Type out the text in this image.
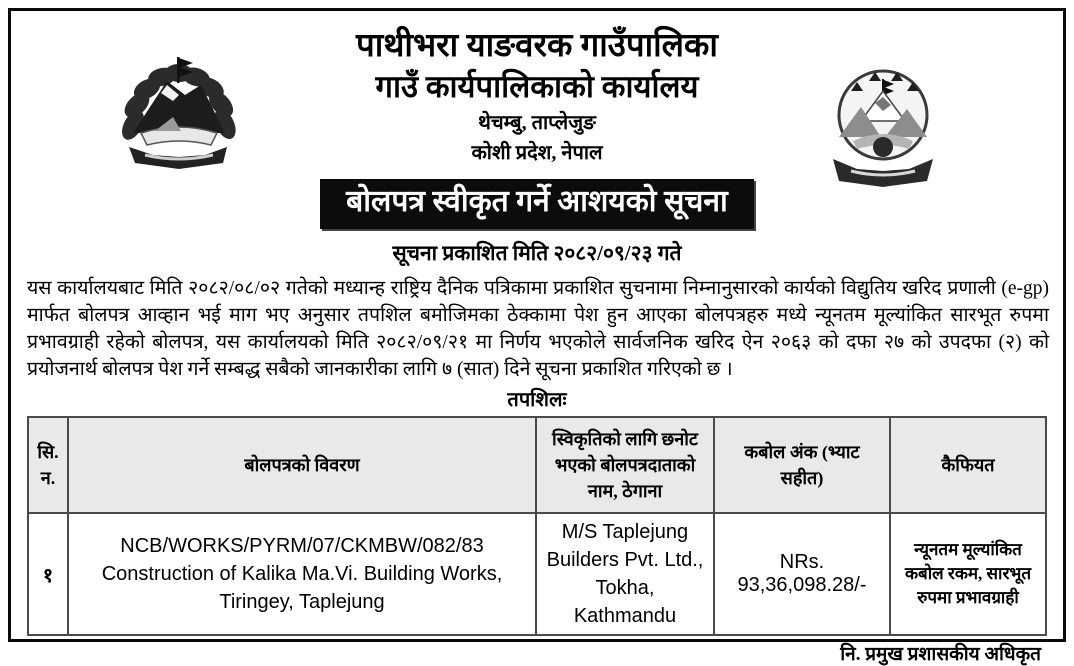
पाथीभरा याङवरक गाउँपालिका
गाउँ कार्यपालिकाको कार्यालय
थेचम्बु, ताप्लेजुङ
कोशी प्रदेश, नेपाल
बोलपत्र स्वीकृत गर्ने आशयको सूचना
सूचना प्रकाशित मिति २०८२/०९/२३ गते
यस कार्यालयबाट मिति २०८२/०८/०२ गतेको मध्यान्ह राष्ट्रिय दैनिक पत्रिकामा प्रकाशित सुचनामा निम्नानुसारको कार्यको विद्युतिय खरिद प्रणाली (e-gp) मार्फत बोलपत्र आव्हान भई माग भए अनुसार तपशिल बमोजिमका ठेक्कामा पेश हुन आएका बोलपत्रहरु मध्ये न्यूनतम मूल्यांकित सारभूत रुपमा प्रभावग्राही रहेको बोलपत्र, यस कार्यालयको मिति २०८२/०९/२१ मा निर्णय भएकोले सार्वजनिक खरिद ऐन २०६३ को दफा २७ को उपदफा (२) को प्रयोजनार्थ बोलपत्र पेश गर्ने सम्बद्ध सबैको जानकारीका लागि ७ (सात) दिने सूचना प्रकाशित गरिएको छ ।
तपशिलः
सि. न.	बोलपत्रको विवरण	स्विकृतिको लागि छनोट भएको बोलपत्रदाताको नाम, ठेगाना	कबोल अंक (भ्याट सहीत)	कैफियत
१	NCB/WORKS/PYRM/07/CKMBW/082/83 Construction of Kalika Ma.Vi. Building Works, Tiringey, Taplejung	M/S Taplejung Builders Pvt. Ltd., Tokha, Kathmandu	NRs. 93,36,098.28/-	न्यूनतम मूल्यांकित कबोल रकम, सारभूत रुपमा प्रभावग्राही
नि. प्रमुख प्रशासकीय अधिकृत
